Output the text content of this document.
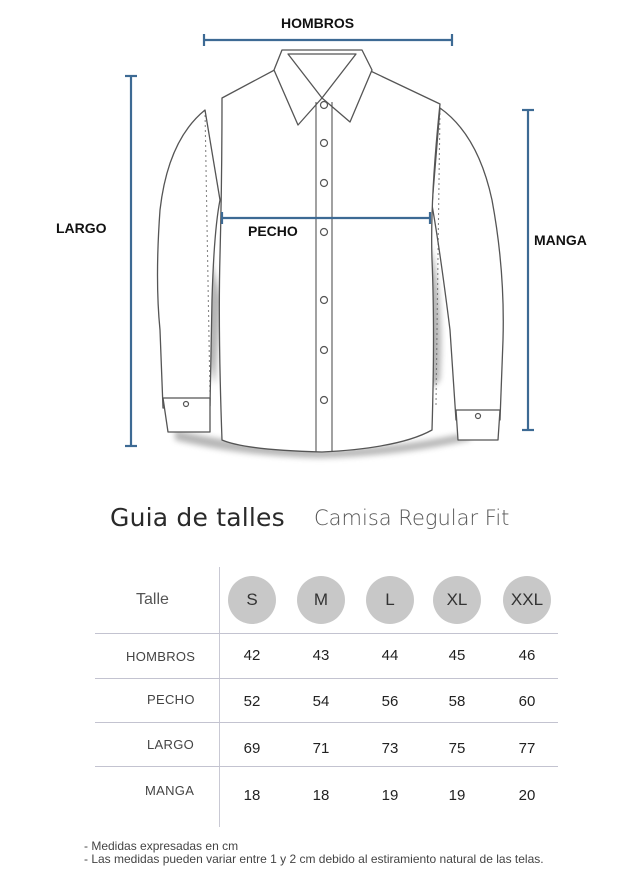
HOMBROS
LARGO	PECHO
MANGA
Guia de talles Camisa Regular Fit
Talle	S	M	L	XL	XXL
HOMBROS	42	43	44	45	46
PECHO	52	54	56	58	60
LARGO	69	71	73	75	77
MANGA	18	18	19	19	20
- Medidas expresadas en cm
- Las medidas pueden variar entre 1 y 2 cm debido al estiramiento natural de las telas.
